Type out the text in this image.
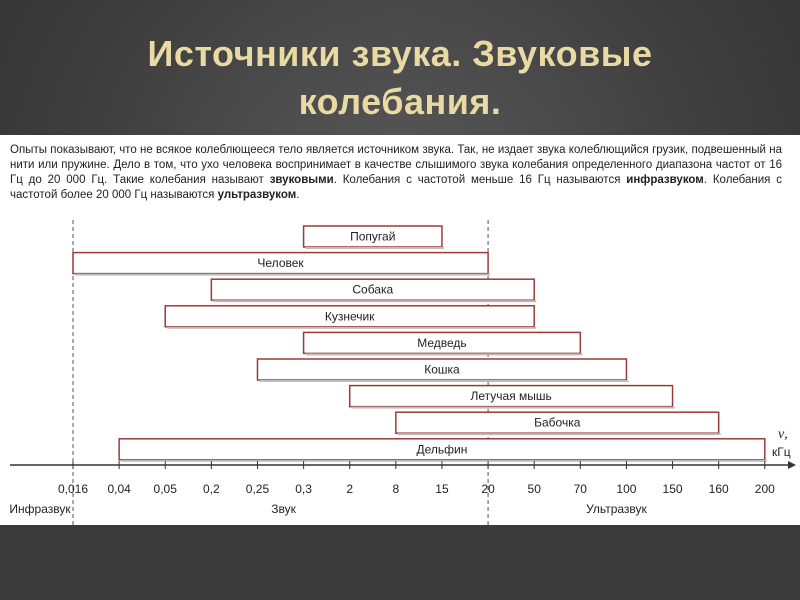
Источники звука. Звуковые
колебания.
Опыты показывают, что не всякое колеблющееся тело является источником звука. Так, не издает звука колеблющийся грузик, подвешенный на нити или пружине. Дело в том, что ухо человека воспринимает в качестве слышимого звука колебания определенного диапазона частот от 16 Гц до 20 000 Гц. Такие колебания называют звуковыми. Колебания с частотой меньше 16 Гц называются инфразвуком. Колебания с частотой более 20 000 Гц называются ультразвуком.
Попугай
Человек
Собака
Кузнечик
Медведь
Кошка
Летучая мышь
Бабочка
Дельфин
0,016 0,04 0,05 0,2 0,25 0,3	2	8	15	20	50	70 100 150 160 200
ν,
кГц
Инфразвук	Звук	Ультразвук
